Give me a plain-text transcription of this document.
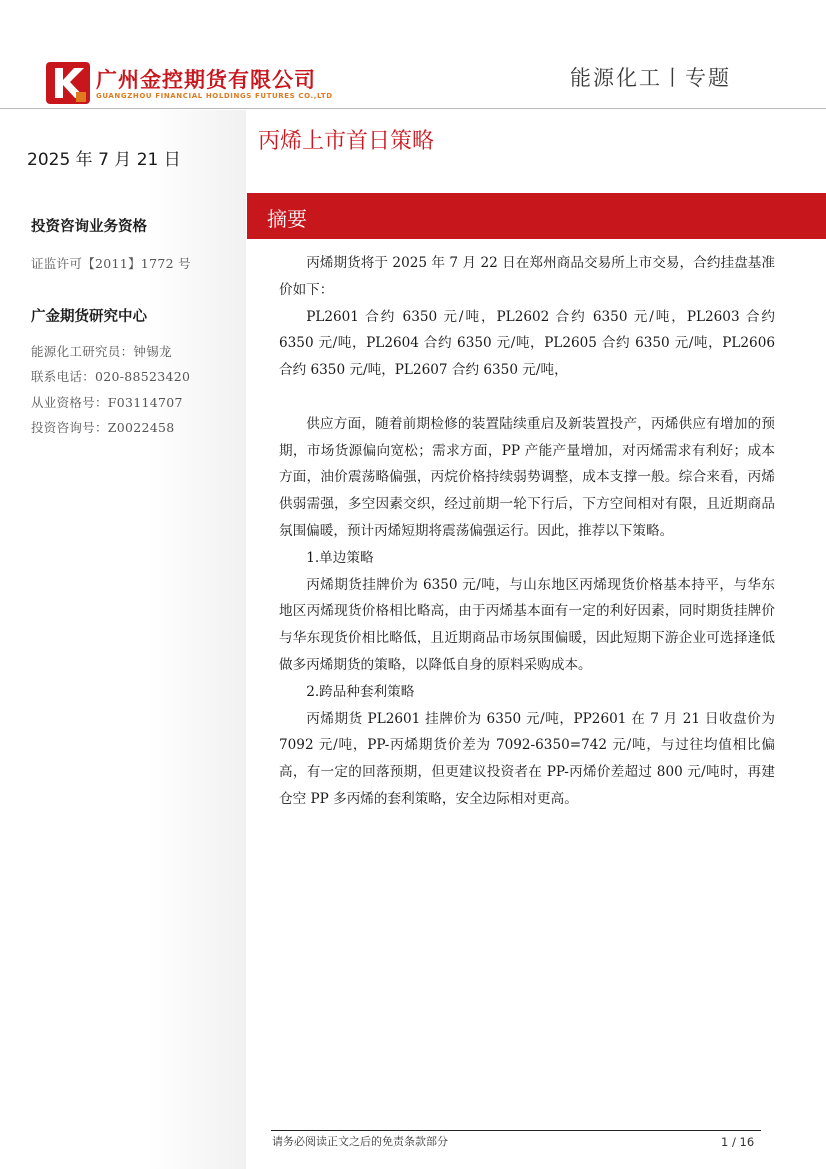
广州金控期货有限公司
GUANGZHOU FINANCIAL HOLDINGS FUTURES CO.,LTD
能源化工丨专题
2025 年 7 月 21 日
投资咨询业务资格
证监许可【2011】1772 号
广金期货研究中心
能源化工研究员：钟锡龙
联系电话：020-88523420
从业资格号：F03114707
投资咨询号：Z0022458
丙烯上市首日策略
摘要

丙烯期货将于 2025 年 7 月 22 日在郑州商品交易所上市交易，合约挂盘基准价如下：

PL2601 合约 6350 元/吨，PL2602 合约 6350 元/吨，PL2603 合约 6350 元/吨，PL2604 合约 6350 元/吨，PL2605 合约 6350 元/吨，PL2606 合约 6350 元/吨，PL2607 合约 6350 元/吨，

供应方面，随着前期检修的装置陆续重启及新装置投产，丙烯供应有增加的预期，市场货源偏向宽松；需求方面，PP 产能产量增加，对丙烯需求有利好；成本方面，油价震荡略偏强，丙烷价格持续弱势调整，成本支撑一般。综合来看，丙烯供弱需强，多空因素交织，经过前期一轮下行后，下方空间相对有限，且近期商品氛围偏暖，预计丙烯短期将震荡偏强运行。因此，推荐以下策略。

1.单边策略

丙烯期货挂牌价为 6350 元/吨，与山东地区丙烯现货价格基本持平，与华东地区丙烯现货价格相比略高，由于丙烯基本面有一定的利好因素，同时期货挂牌价与华东现货价相比略低，且近期商品市场氛围偏暖，因此短期下游企业可选择逢低做多丙烯期货的策略，以降低自身的原料采购成本。

2.跨品种套利策略

丙烯期货 PL2601 挂牌价为 6350 元/吨，PP2601 在 7 月 21 日收盘价为 7092 元/吨，PP-丙烯期货价差为 7092-6350=742 元/吨，与过往均值相比偏高，有一定的回落预期，但更建议投资者在 PP-丙烯价差超过 800 元/吨时，再建仓空 PP 多丙烯的套利策略，安全边际相对更高。

请务必阅读正文之后的免责条款部分	1 / 16
